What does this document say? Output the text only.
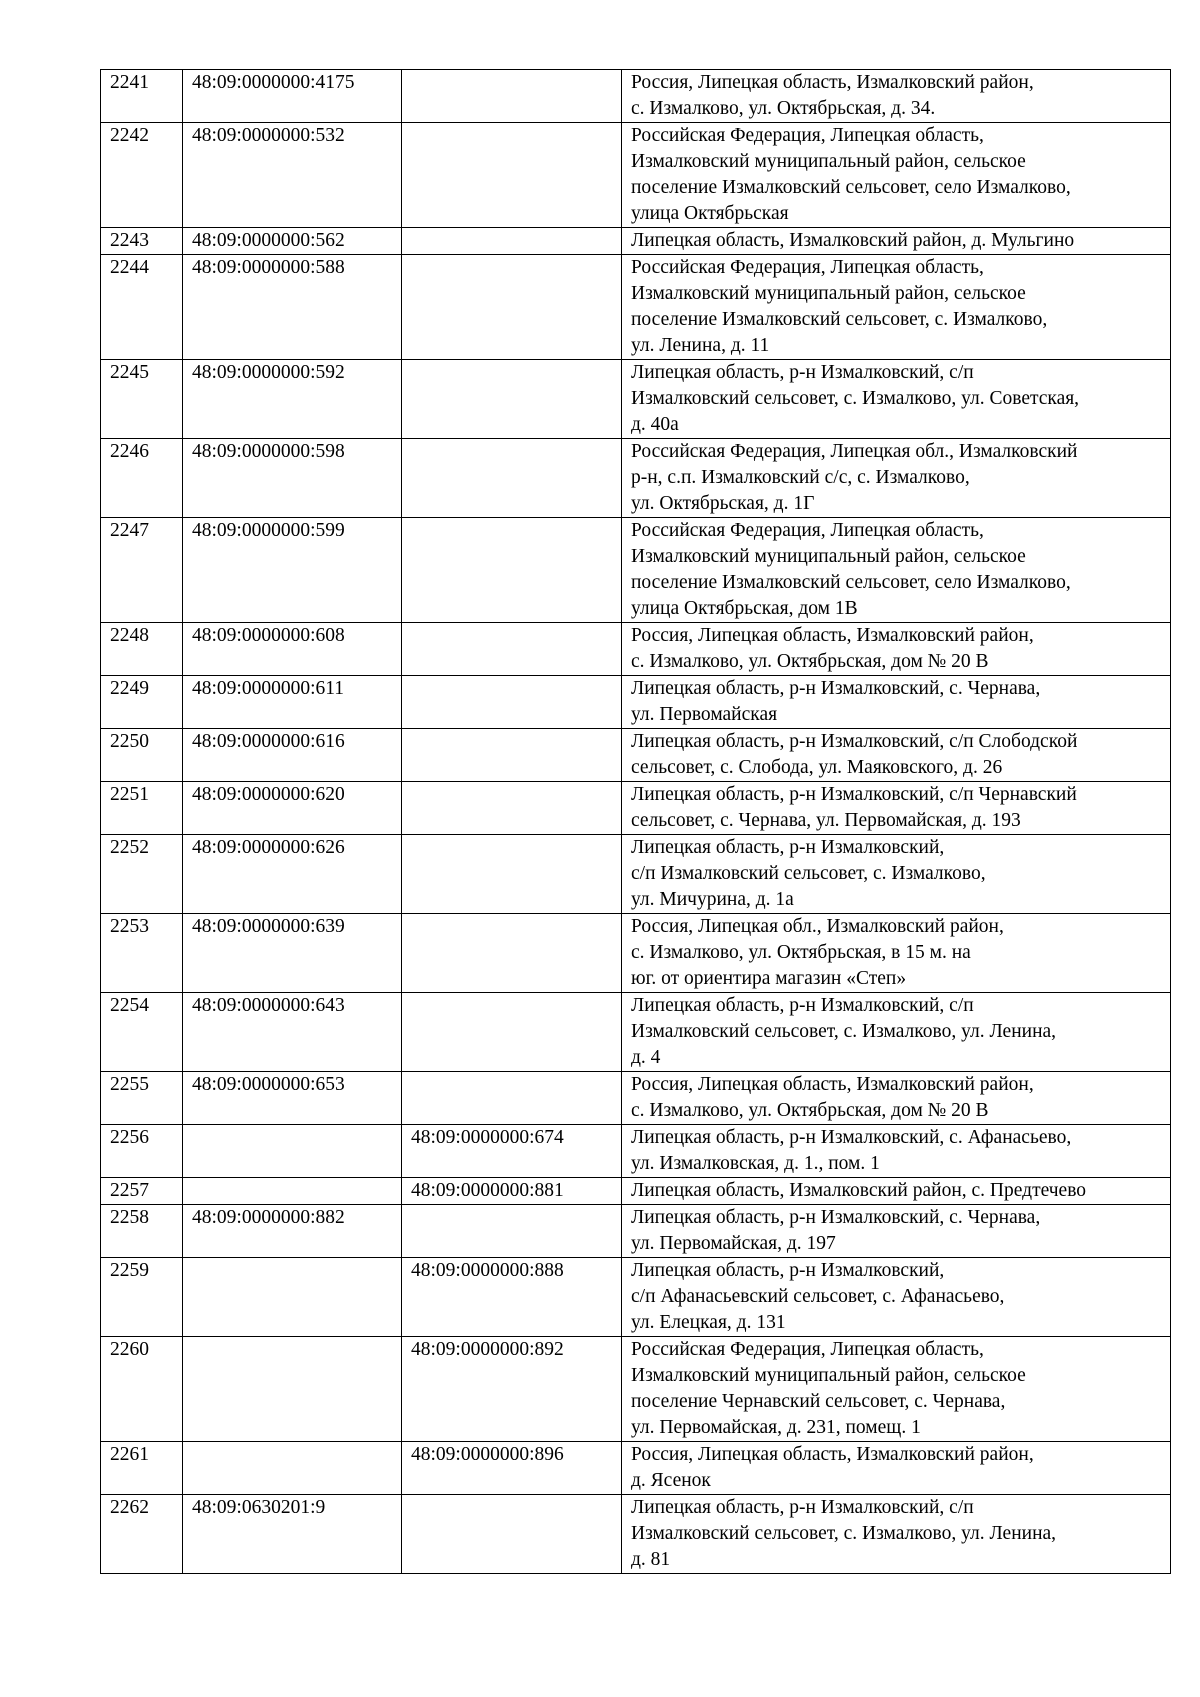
2241	48:09:0000000:4175		Россия, Липецкая область, Измалковский район,
с. Измалково, ул. Октябрьская, д. 34.
2242	48:09:0000000:532		Российская Федерация, Липецкая область,
Измалковский муниципальный район, сельское
поселение Измалковский сельсовет, село Измалково,
улица Октябрьская
2243	48:09:0000000:562		Липецкая область, Измалковский район, д. Мульгино
2244	48:09:0000000:588		Российская Федерация, Липецкая область,
Измалковский муниципальный район, сельское
поселение Измалковский сельсовет, с. Измалково,
ул. Ленина, д. 11
2245	48:09:0000000:592		Липецкая область, р-н Измалковский, с/п
Измалковский сельсовет, с. Измалково, ул. Советская,
д. 40а
2246	48:09:0000000:598		Российская Федерация, Липецкая обл., Измалковский
р-н, с.п. Измалковский с/с, с. Измалково,
ул. Октябрьская, д. 1Г
2247	48:09:0000000:599		Российская Федерация, Липецкая область,
Измалковский муниципальный район, сельское
поселение Измалковский сельсовет, село Измалково,
улица Октябрьская, дом 1В
2248	48:09:0000000:608		Россия, Липецкая область, Измалковский район,
с. Измалково, ул. Октябрьская, дом № 20 В
2249	48:09:0000000:611		Липецкая область, р-н Измалковский, с. Чернава,
ул. Первомайская
2250	48:09:0000000:616		Липецкая область, р-н Измалковский, с/п Слободской
сельсовет, с. Слобода, ул. Маяковского, д. 26
2251	48:09:0000000:620		Липецкая область, р-н Измалковский, с/п Чернавский
сельсовет, с. Чернава, ул. Первомайская, д. 193
2252	48:09:0000000:626		Липецкая область, р-н Измалковский,
с/п Измалковский сельсовет, с. Измалково,
ул. Мичурина, д. 1а
2253	48:09:0000000:639		Россия, Липецкая обл., Измалковский район,
с. Измалково, ул. Октябрьская, в 15 м. на
юг. от ориентира магазин «Степ»
2254	48:09:0000000:643		Липецкая область, р-н Измалковский, с/п
Измалковский сельсовет, с. Измалково, ул. Ленина,
д. 4
2255	48:09:0000000:653		Россия, Липецкая область, Измалковский район,
с. Измалково, ул. Октябрьская, дом № 20 В
2256		48:09:0000000:674	Липецкая область, р-н Измалковский, с. Афанасьево,
ул. Измалковская, д. 1., пом. 1
2257		48:09:0000000:881	Липецкая область, Измалковский район, с. Предтечево
2258	48:09:0000000:882		Липецкая область, р-н Измалковский, с. Чернава,
ул. Первомайская, д. 197
2259		48:09:0000000:888	Липецкая область, р-н Измалковский,
с/п Афанасьевский сельсовет, с. Афанасьево,
ул. Елецкая, д. 131
2260		48:09:0000000:892	Российская Федерация, Липецкая область,
Измалковский муниципальный район, сельское
поселение Чернавский сельсовет, с. Чернава,
ул. Первомайская, д. 231, помещ. 1
2261		48:09:0000000:896	Россия, Липецкая область, Измалковский район,
д. Ясенок
2262	48:09:0630201:9		Липецкая область, р-н Измалковский, с/п
Измалковский сельсовет, с. Измалково, ул. Ленина,
д. 81
